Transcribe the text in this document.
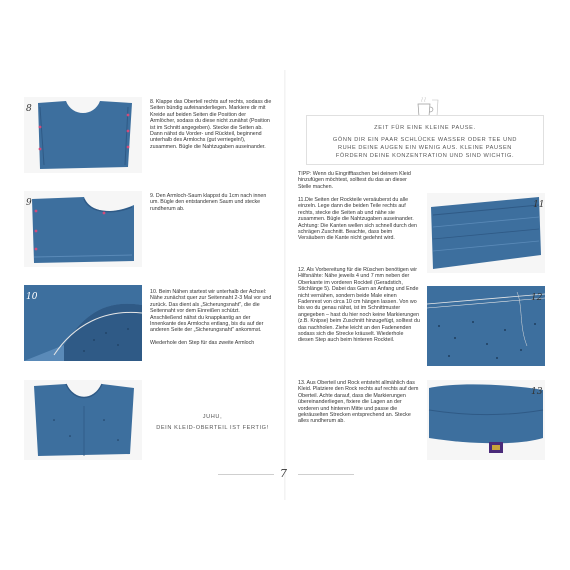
8
9
10

8. Klappe das Oberteil rechts auf rechts, sodass die Seiten bündig aufeinanderliegen. Markiere dir mit Kreide auf beiden Seiten die Position der Armlöcher, sodass du diese nicht zunähst (Position ist im Schnitt angegeben). Stecke die Seiten ab. Dann nähst du Vorder- und Rückteil, beginnend unterhalb des Armlochs (gut verriegeln!), zusammen. Bügle die Nahtzugaben auseinander.

9. Den Armloch-Saum klappst du 1cm nach innen um. Bügle den entstandenen Saum und stecke rundherum ab.

10. Beim Nähen startest wir unterhalb der Achsel: Nähe zunächst quer zur Seitennaht 2-3 Mal vor und zurück. Das dient als „Sicherungsnaht", die die Seitennaht vor dem Einreißen schützt. Anschließend nähst du knappkantig an der Innenkante des Armlochs entlang, bis du auf der anderen Seite der „Sicherungsnaht" ankommst.

Wiederhole den Step für das zweite Armloch

JUHU,
DEIN KLEID-OBERTEIL IST FERTIG!
7
ZEIT FÜR EINE KLEINE PAUSE.
GÖNN DIR EIN PAAR SCHLÜCKE WASSER ODER TEE UND RUHE DEINE AUGEN EIN WENIG AUS. KLEINE PAUSEN FÖRDERN DEINE KONZENTRATION UND SIND WICHTIG.

TIPP: Wenn du Eingrifftaschen bei deinem Kleid hinzufügen möchtest, solltest du das an dieser Stelle machen.

11.Die Seiten der Rockteile versäuberst du alle einzeln. Lege dann die beiden Teile rechts auf rechts, stecke die Seiten ab und nähe sie zusammen. Bügle die Nahtzugaben auseinander. Achtung: Die Kanten wellen sich schnell durch den schrägen Zuschnitt. Beachte, dass beim Versäubern die Kante nicht gedehnt wird.

12. Als Vorbereitung für die Rüschen benötigen wir Hilfsnähte: Nähe jeweils 4 und 7 mm neben der Oberkante im vorderen Rockteil (Geradstich, Stichlänge 5). Dabei das Garn an Anfang und Ende nicht vernähen, sondern beide Male einen Fadenrest von circa 10 cm hängen lassen. Von wo bis wo du genau nähst, ist im Schnittmuster angegeben – hast du hier noch keine Markierungen (z.B. Knipse) beim Zuschnitt hinzugefügt, solltest du das nachholen. Ziehe leicht an den Fadenenden sodass sich die Strecke kräuselt. Wiederhole diesen Step auch beim hinteren Rockteil.

13. Aus Oberteil und Rock entsteht allmählich das Kleid. Platziere den Rock rechts auf rechts auf dem Oberteil. Achte darauf, dass die Markierungen übereinanderliegen, fixiere die Lagen an der vorderen und hinteren Mitte und passe die gekräuselten Strecken entsprechend an. Stecke alles rundherum ab.

11
12
13
